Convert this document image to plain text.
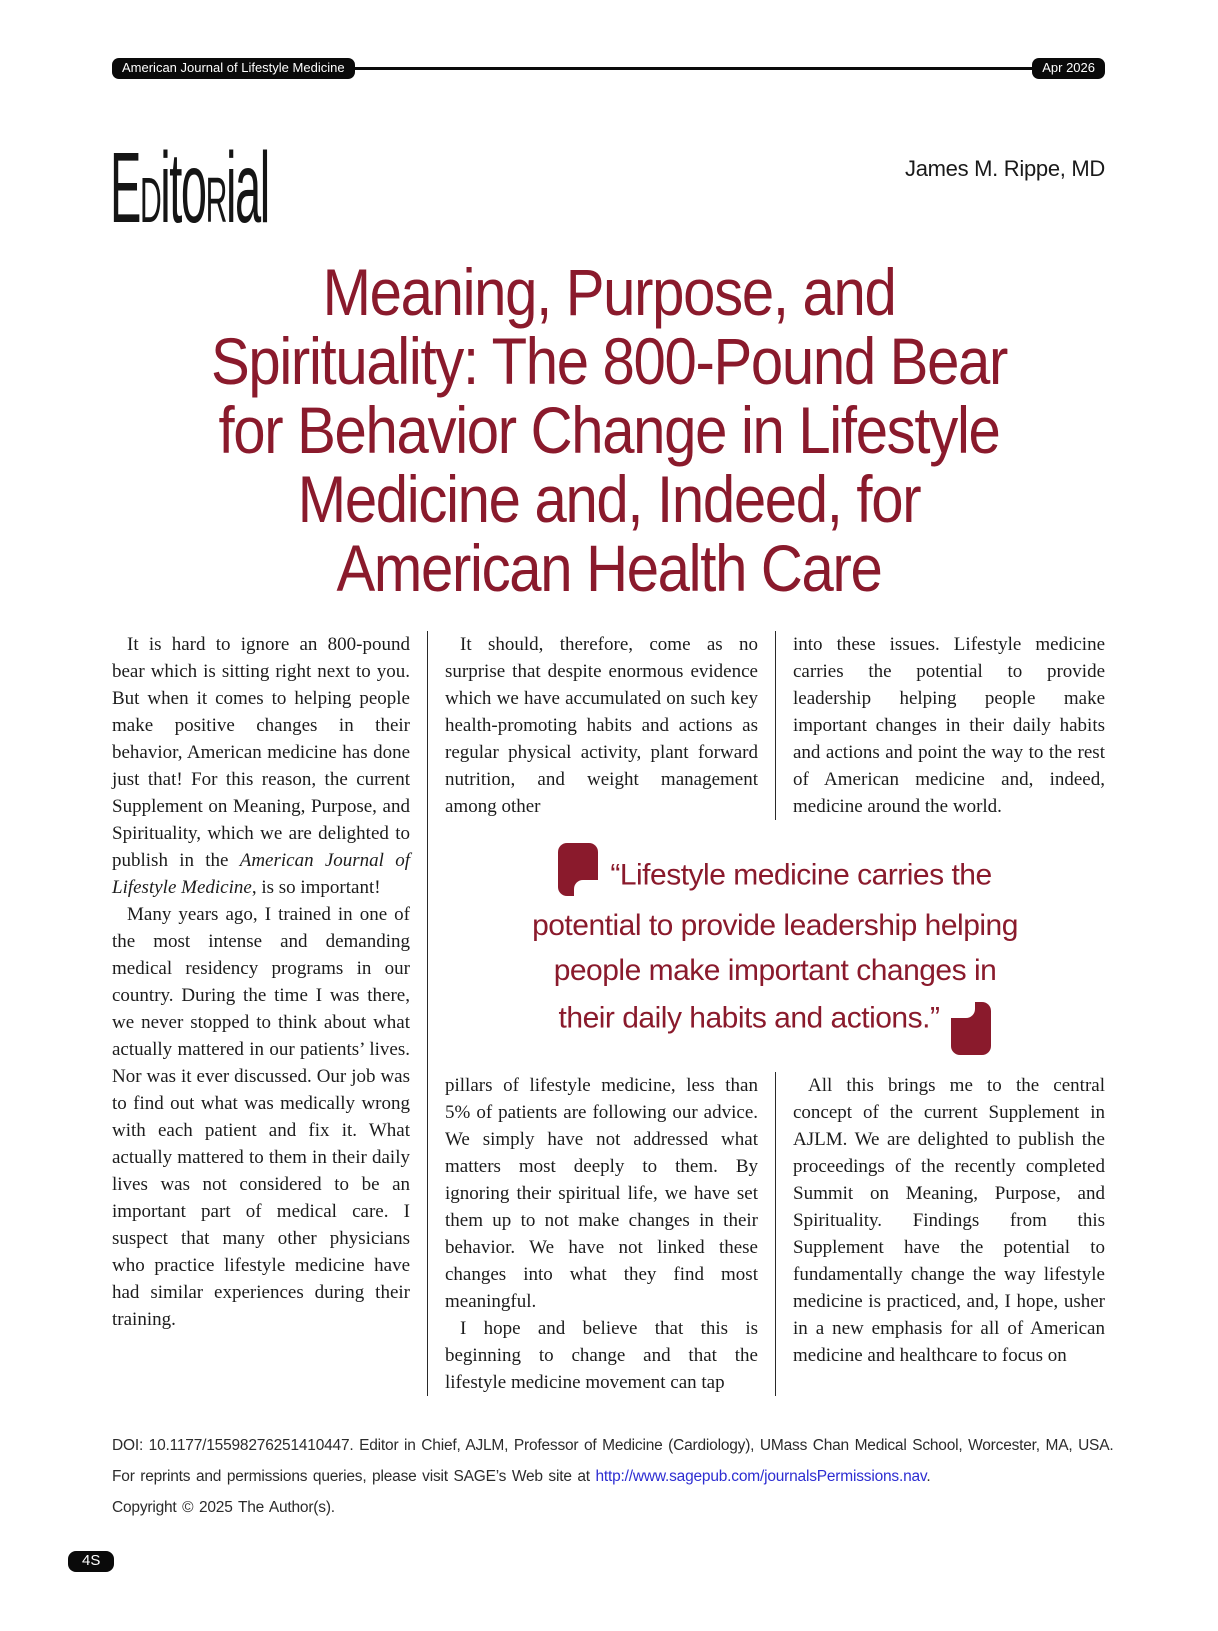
American Journal of Lifestyle Medicine	Apr 2026
EDitoRial	James M. Rippe, MD
Meaning, Purpose, and
Spirituality: The 800-Pound Bear
for Behavior Change in Lifestyle
Medicine and, Indeed, for
American Health Care

It is hard to ignore an 800-pound bear which is sitting right next to you. But when it comes to helping people make positive changes in their behavior, American medicine has done just that! For this reason, the current Supplement on Meaning, Purpose, and Spirituality, which we are delighted to publish in the American Journal of Lifestyle Medicine, is so important!

Many years ago, I trained in one of the most intense and demanding medical residency programs in our country. During the time I was there, we never stopped to think about what actually mattered in our patients’ lives. Nor was it ever discussed. Our job was to find out what was medically wrong with each patient and fix it. What actually mattered to them in their daily lives was not considered to be an important part of medical care. I suspect that many other physicians who practice lifestyle medicine have had similar experiences during their training.

It should, therefore, come as no surprise that despite enormous evidence which we have accumulated on such key health-promoting habits and actions as regular physical activity, plant forward nutrition, and weight management among other

into these issues. Lifestyle medicine carries the potential to provide leadership helping people make important changes in their daily habits and actions and point the way to the rest of American medicine and, indeed, medicine around the world.

“Lifestyle medicine carries the
potential to provide leadership helping
people make important changes in
their daily habits and actions.”

pillars of lifestyle medicine, less than 5% of patients are following our advice. We simply have not addressed what matters most deeply to them. By ignoring their spiritual life, we have set them up to not make changes in their behavior. We have not linked these changes into what they find most meaningful.

I hope and believe that this is beginning to change and that the lifestyle medicine movement can tap

All this brings me to the central concept of the current Supplement in AJLM. We are delighted to publish the proceedings of the recently completed Summit on Meaning, Purpose, and Spirituality. Findings from this Supplement have the potential to fundamentally change the way lifestyle medicine is practiced, and, I hope, usher in a new emphasis for all of American medicine and healthcare to focus on

DOI: 10.1177/15598276251410447. Editor in Chief, AJLM, Professor of Medicine (Cardiology), UMass Chan Medical School, Worcester, MA, USA.
For reprints and permissions queries, please visit SAGE’s Web site at http://www.sagepub.com/journalsPermissions.nav.
Copyright © 2025 The Author(s).
4S
